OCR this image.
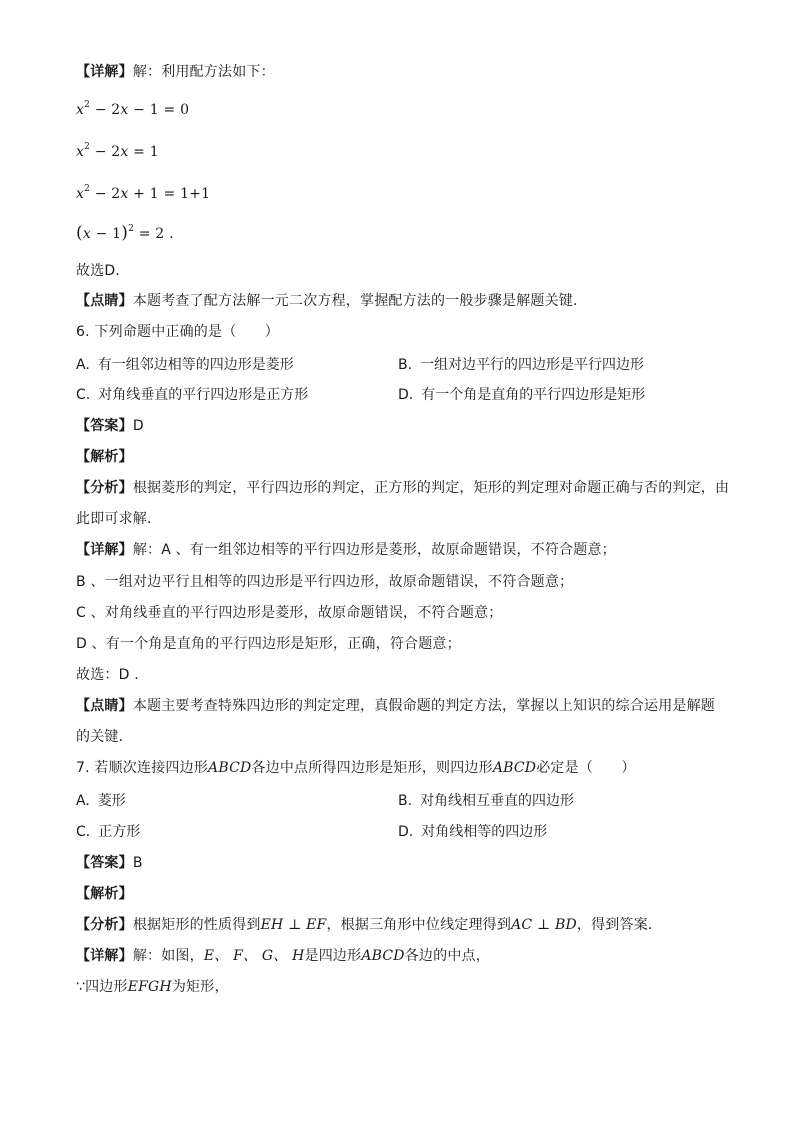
【详解】解：利用配方法如下：
$x^2 - 2x - 1 = 0$
$x^2 - 2x = 1$
$x^2 - 2x + 1 = 1+1$
$(x - 1)^2 = 2$ .
故选D．
【点睛】本题考查了配方法解一元二次方程，掌握配方法的一般步骤是解题关键．
6. 下列命题中正确的是（　　）
A. 有一组邻边相等的四边形是菱形	B. 一组对边平行的四边形是平行四边形
C. 对角线垂直的平行四边形是正方形	D. 有一个角是直角的平行四边形是矩形
【答案】D
【解析】
【分析】根据菱形的判定，平行四边形的判定，正方形的判定，矩形的判定理对命题正确与否的判定，由
此即可求解．
【详解】解：A 、有一组邻边相等的平行四边形是菱形，故原命题错误，不符合题意；
B 、一组对边平行且相等的四边形是平行四边形，故原命题错误，不符合题意；
C 、对角线垂直的平行四边形是菱形，故原命题错误，不符合题意；
D 、有一个角是直角的平行四边形是矩形，正确，符合题意；
故选：D .
【点睛】本题主要考查特殊四边形的判定定理，真假命题的判定方法，掌握以上知识的综合运用是解题
的关键．
7. 若顺次连接四边形ABCD各边中点所得四边形是矩形，则四边形ABCD必定是（　　）
A. 菱形	B. 对角线相互垂直的四边形
C. 正方形	D. 对角线相等的四边形
【答案】B
【解析】
【分析】根据矩形的性质得到EH ⊥ EF，根据三角形中位线定理得到AC ⊥ BD，得到答案．
【详解】解：如图，E、 F、 G、 H是四边形ABCD各边的中点，
∵四边形EFGH为矩形，
